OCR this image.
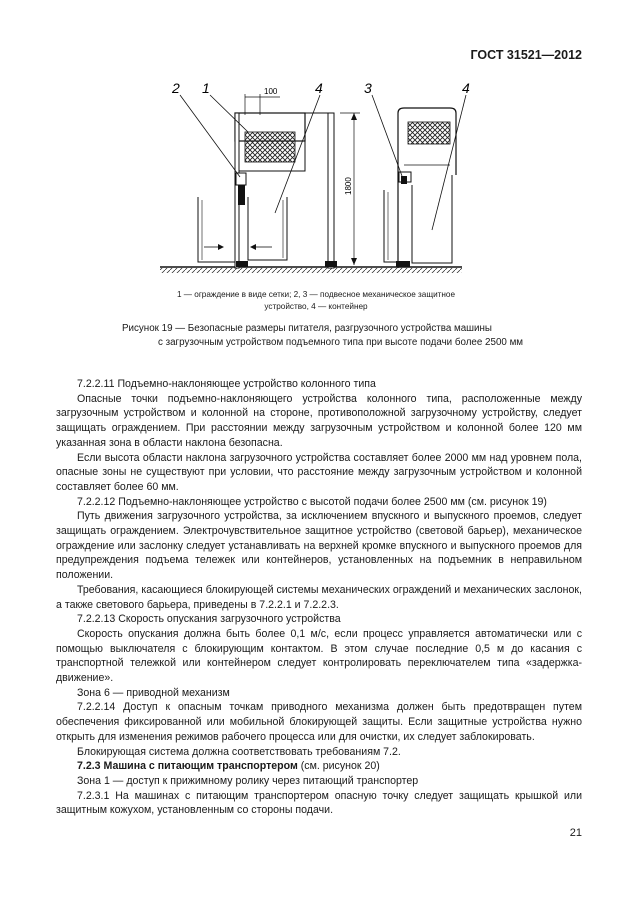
ГОСТ 31521—2012
100
1800
2 1	4	3	4
1 — ограждение в виде сетки; 2, 3 — подвесное механическое защитное устройство, 4 — контейнер
Рисунок 19 — Безопасные размеры питателя, разгрузочного устройства машины
с загрузочным устройством подъемного типа при высоте подачи более 2500 мм

7.2.2.11 Подъемно-наклоняющее устройство колонного типа

Опасные точки подъемно-наклоняющего устройства колонного типа, расположенные между загрузочным устройством и колонной на стороне, противоположной загрузочному устройству, следует защищать ограждением. При расстоянии между загрузочным устройством и колонной более 120 мм указанная зона в области наклона безопасна.

Если высота области наклона загрузочного устройства составляет более 2000 мм над уровнем пола, опасные зоны не существуют при условии, что расстояние между загрузочным устройством и колонной составляет более 60 мм.

7.2.2.12 Подъемно-наклоняющее устройство с высотой подачи более 2500 мм (см. рисунок 19)

Путь движения загрузочного устройства, за исключением впускного и выпускного проемов, следует защищать ограждением. Электрочувствительное защитное устройство (световой барьер), механическое ограждение или заслонку следует устанавливать на верхней кромке впускного и выпускного проемов для предупреждения подъема тележек или контейнеров, установленных на подъемник в неправильном положении.

Требования, касающиеся блокирующей системы механических ограждений и механических заслонок, а также светового барьера, приведены в 7.2.2.1 и 7.2.2.3.

7.2.2.13 Скорость опускания загрузочного устройства

Скорость опускания должна быть более 0,1 м/с, если процесс управляется автоматически или с помощью выключателя с блокирующим контактом. В этом случае последние 0,5 м до касания с транспортной тележкой или контейнером следует контролировать переключателем типа «задержка-движение».

Зона 6 — приводной механизм

7.2.2.14 Доступ к опасным точкам приводного механизма должен быть предотвращен путем обеспечения фиксированной или мобильной блокирующей защиты. Если защитные устройства нужно открыть для изменения режимов рабочего процесса или для очистки, их следует заблокировать.

Блокирующая система должна соответствовать требованиям 7.2.

7.2.3 Машина с питающим транспортером (см. рисунок 20)

Зона 1 — доступ к прижимному ролику через питающий транспортер

7.2.3.1 На машинах с питающим транспортером опасную точку следует защищать крышкой или защитным кожухом, установленным со стороны подачи.

21
